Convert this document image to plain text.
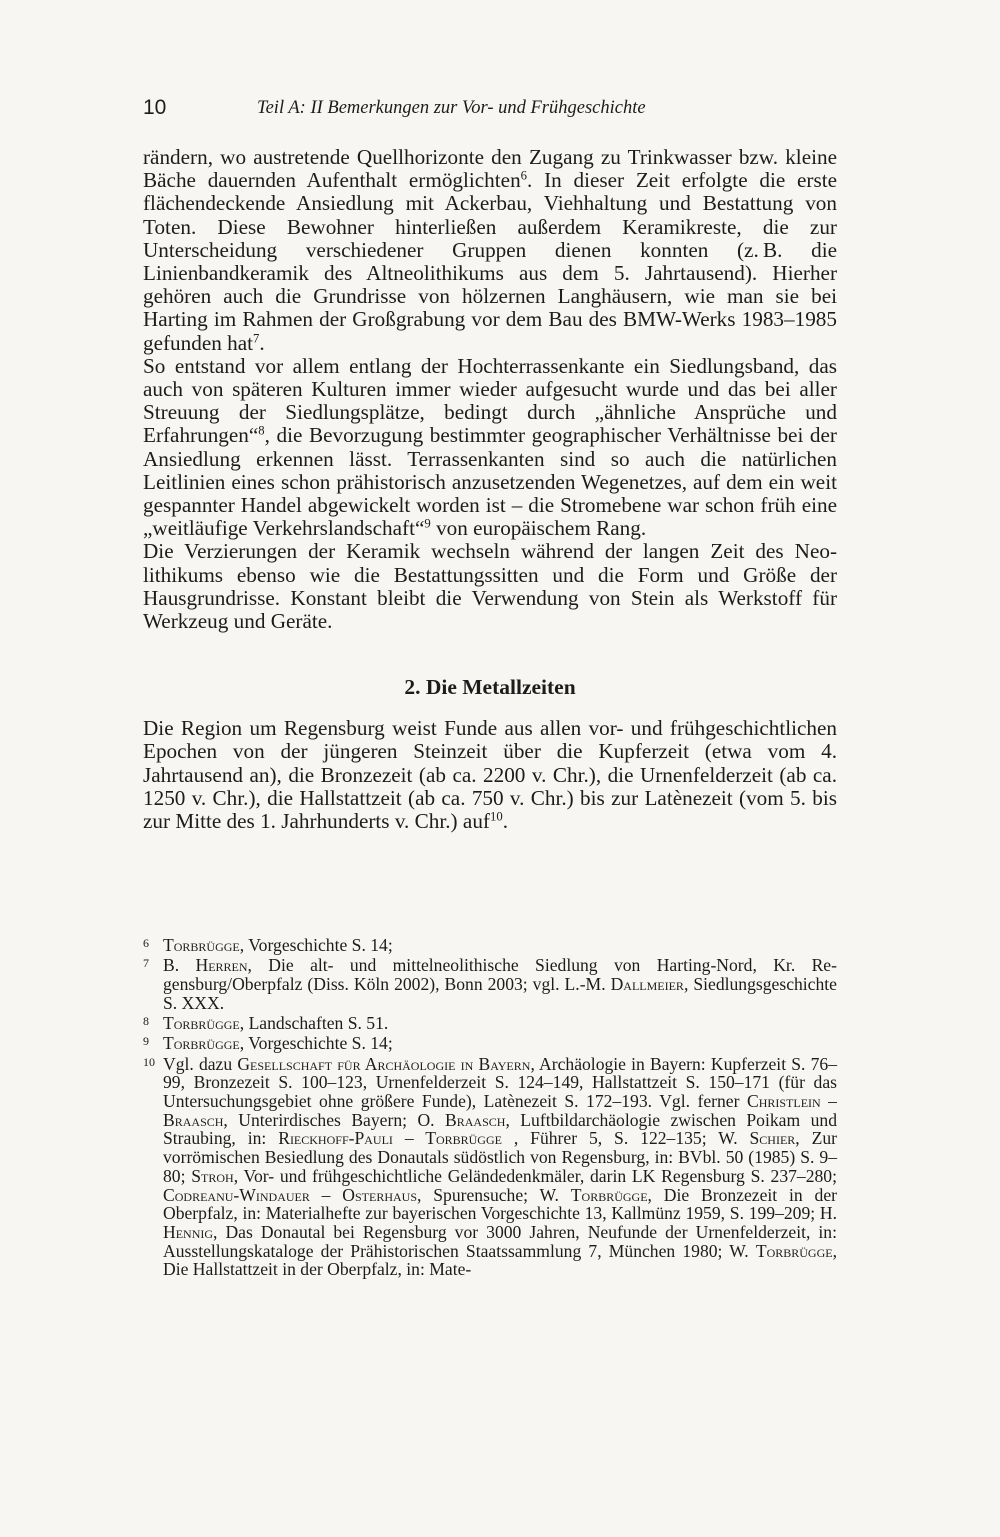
10	Teil A: II Bemerkungen zur Vor- und Frühgeschichte

rändern, wo austretende Quellhorizonte den Zugang zu Trinkwasser bzw. kleine Bäche dauernden Aufenthalt ermöglichten$^6$. In dieser Zeit erfolgte die erste flächendeckende Ansiedlung mit Ackerbau, Viehhaltung und Bestattung von Toten. Diese Bewohner hinterließen außerdem Keramikreste, die zur Unterscheidung verschiedener Gruppen dienen konnten (z. B. die Linienbandkeramik des Altneolithikums aus dem 5. Jahrtausend). Hierher gehören auch die Grundrisse von hölzernen Langhäusern, wie man sie bei Harting im Rahmen der Großgrabung vor dem Bau des BMW-Werks 1983–1985 gefunden hat$^7$.

So entstand vor allem entlang der Hochterrassenkante ein Siedlungsband, das auch von späteren Kulturen immer wieder aufgesucht wurde und das bei aller Streuung der Siedlungsplätze, bedingt durch „ähnliche Ansprüche und Erfahrungen“$^8$, die Bevorzugung bestimmter geographischer Verhältnisse bei der Ansiedlung erkennen lässt. Terrassenkanten sind so auch die natürlichen Leitlinien eines schon prähistorisch anzusetzenden Wegenetzes, auf dem ein weit gespannter Handel abgewickelt worden ist – die Stromebene war schon früh eine „weitläufige Verkehrslandschaft“$^9$ von europäischem Rang.

Die Verzierungen der Keramik wechseln während der langen Zeit des Neolithikums ebenso wie die Bestattungssitten und die Form und Größe der Hausgrundrisse. Konstant bleibt die Verwendung von Stein als Werkstoff für Werkzeug und Geräte.

2. Die Metallzeiten

Die Region um Regensburg weist Funde aus allen vor- und frühgeschichtlichen Epochen von der jüngeren Steinzeit über die Kupferzeit (etwa vom 4. Jahrtausend an), die Bronzezeit (ab ca. 2200 v. Chr.), die Urnenfelderzeit (ab ca. 1250 v. Chr.), die Hallstattzeit (ab ca. 750 v. Chr.) bis zur Latènezeit (vom 5. bis zur Mitte des 1. Jahrhunderts v. Chr.) auf$^{10}$.

6 Torbrügge, Vorgeschichte S. 14;

7 B. Herren, Die alt- und mittelneolithische Siedlung von Harting-Nord, Kr. Regensburg/Oberpfalz (Diss. Köln 2002), Bonn 2003; vgl. L.-M. Dallmeier, Siedlungsgeschichte S. XXX.

8 Torbrügge, Landschaften S. 51.

9 Torbrügge, Vorgeschichte S. 14;

10 Vgl. dazu Gesellschaft für Archäologie in Bayern, Archäologie in Bayern: Kupferzeit S. 76–99, Bronzezeit S. 100–123, Urnenfelderzeit S. 124–149, Hallstattzeit S. 150–171 (für das Untersuchungsgebiet ohne größere Funde), Latènezeit S. 172–193. Vgl. ferner Christlein – Braasch, Unterirdisches Bayern; O. Braasch, Luftbildarchäologie zwischen Poikam und Straubing, in: Rieckhoff-Pauli – Torbrügge , Führer 5, S. 122–135; W. Schier, Zur vorrömischen Besiedlung des Donautals südöstlich von Regensburg, in: BVbl. 50 (1985) S. 9–80; Stroh, Vor- und frühgeschichtliche Geländedenkmäler, darin LK Regensburg S. 237–280; Codreanu-Windauer – Osterhaus, Spurensuche; W. Torbrügge, Die Bronzezeit in der Oberpfalz, in: Materialhefte zur bayerischen Vorgeschichte 13, Kallmünz 1959, S. 199–209; H. Hennig, Das Donautal bei Regensburg vor 3000 Jahren, Neufunde der Urnenfelderzeit, in: Ausstellungskataloge der Prähistorischen Staatssammlung 7, München 1980; W. Torbrügge, Die Hallstattzeit in der Oberpfalz, in: Mate-
